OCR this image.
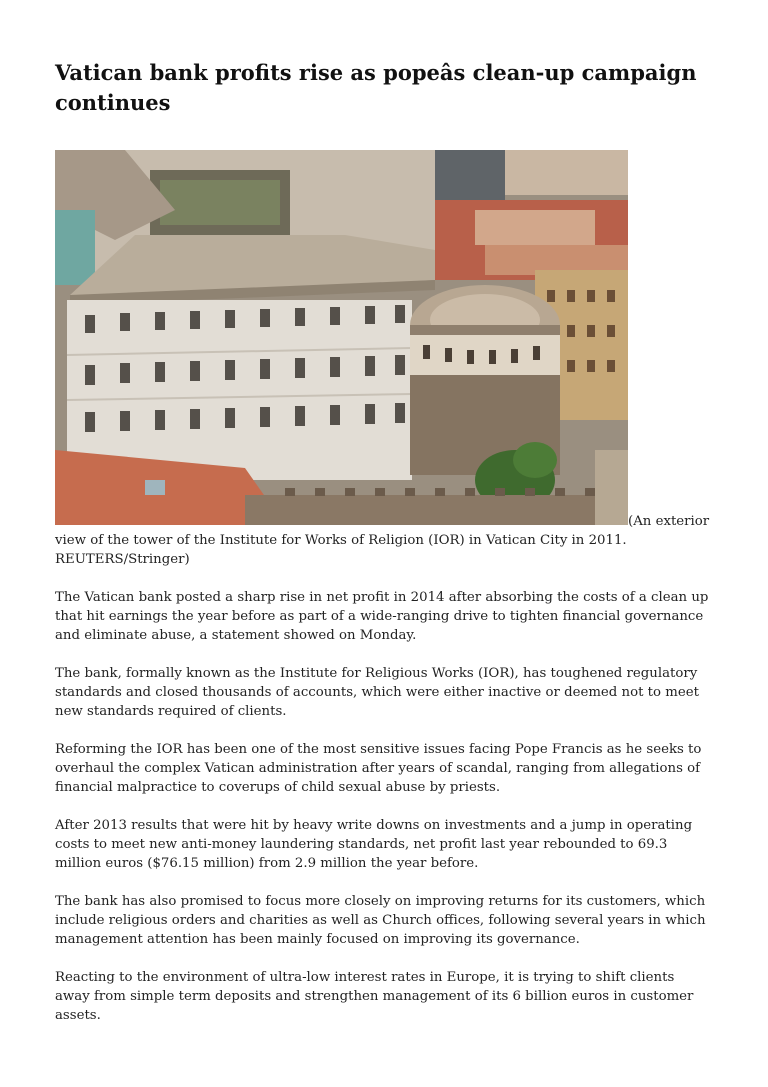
Vatican bank profits rise as popeâs clean-up campaign continues
(An exterior view of the tower of the Institute for Works of Religion (IOR) in Vatican City in 2011. REUTERS/Stringer)

The Vatican bank posted a sharp rise in net profit in 2014 after absorbing the costs of a clean up that hit earnings the year before as part of a wide-ranging drive to tighten financial governance and eliminate abuse, a statement showed on Monday.

The bank, formally known as the Institute for Religious Works (IOR), has toughened regulatory standards and closed thousands of accounts, which were either inactive or deemed not to meet new standards required of clients.

Reforming the IOR has been one of the most sensitive issues facing Pope Francis as he seeks to overhaul the complex Vatican administration after years of scandal, ranging from allegations of financial malpractice to coverups of child sexual abuse by priests.

After 2013 results that were hit by heavy write downs on investments and a jump in operating costs to meet new anti-money laundering standards, net profit last year rebounded to 69.3 million euros ($76.15 million) from 2.9 million the year before.

The bank has also promised to focus more closely on improving returns for its customers, which include religious orders and charities as well as Church offices, following several years in which management attention has been mainly focused on improving its governance.

Reacting to the environment of ultra-low interest rates in Europe, it is trying to shift clients away from simple term deposits and strengthen management of its 6 billion euros in customer assets.
